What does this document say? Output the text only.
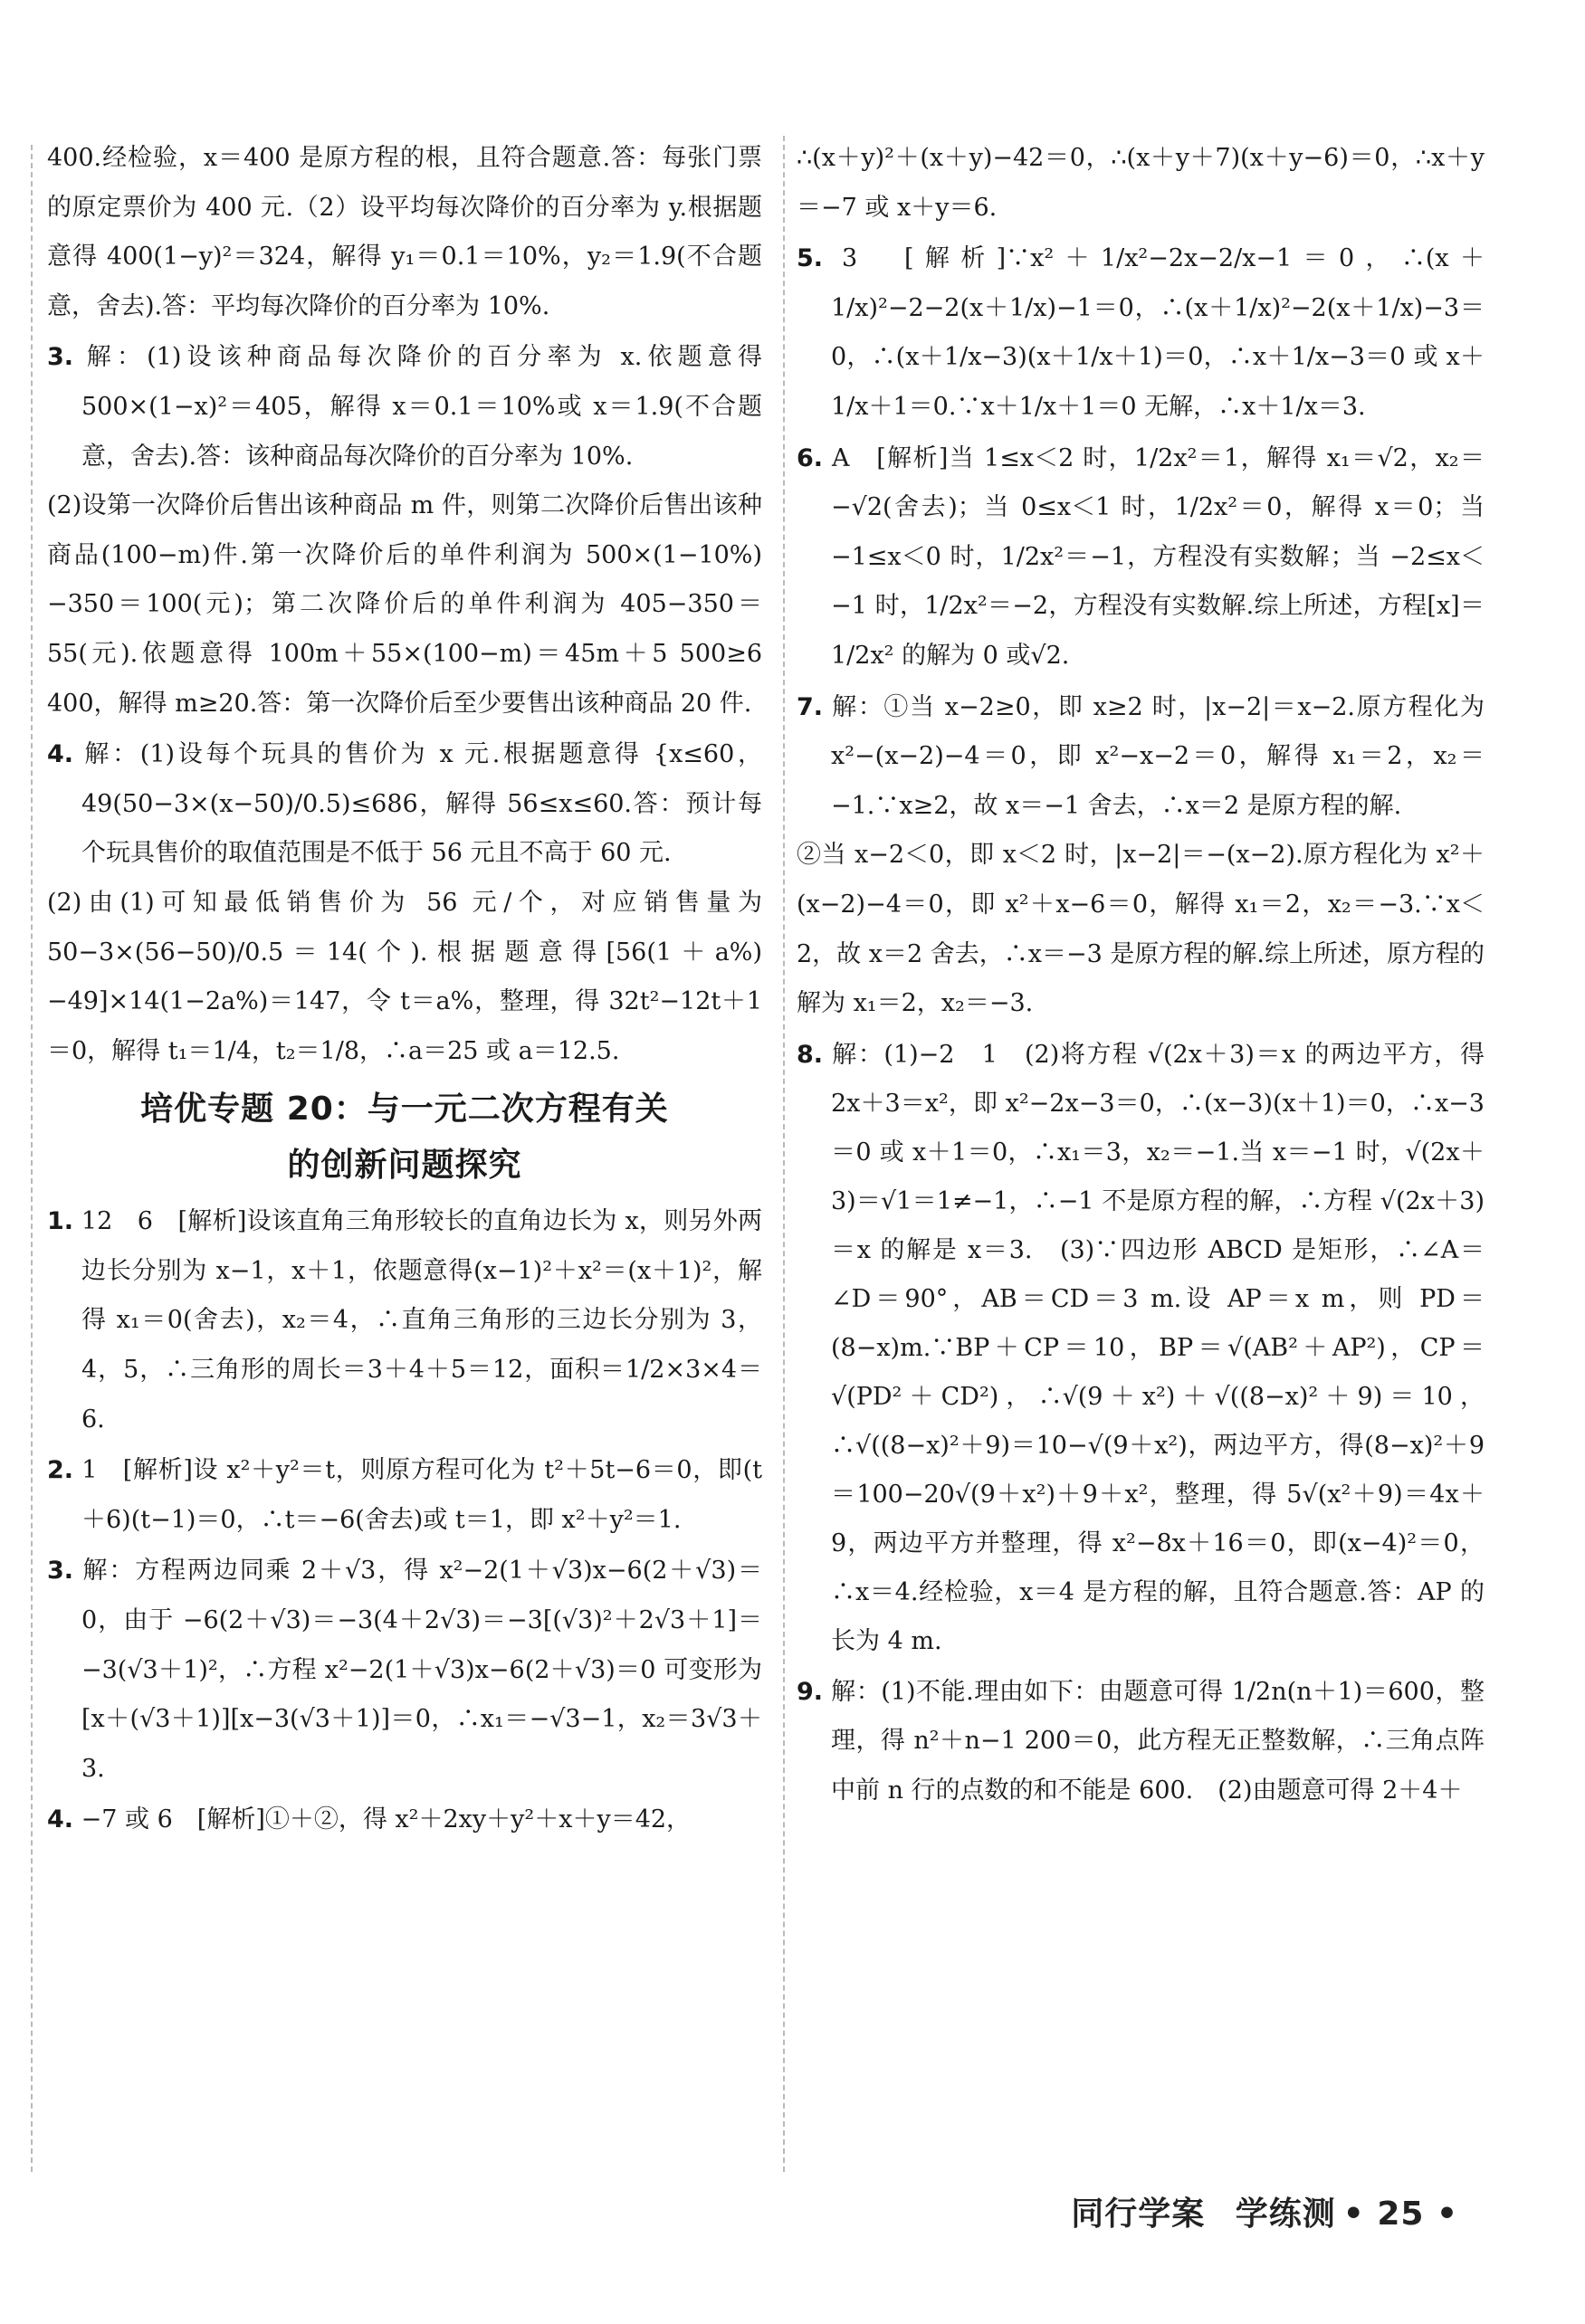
400.经检验，x＝400 是原方程的根，且符合题意.答：每张门票的原定票价为 400 元.（2）设平均每次降价的百分率为 y.根据题意得 400(1−y)²＝324，解得 y₁＝0.1＝10%，y₂＝1.9(不合题意，舍去).答：平均每次降价的百分率为 10%.

3. 解：(1)设该种商品每次降价的百分率为 x.依题意得 500×(1−x)²＝405，解得 x＝0.1＝10%或 x＝1.9(不合题意，舍去).答：该种商品每次降价的百分率为 10%.

(2)设第一次降价后售出该种商品 m 件，则第二次降价后售出该种商品(100−m)件.第一次降价后的单件利润为 500×(1−10%)−350＝100(元)；第二次降价后的单件利润为 405−350＝55(元).依题意得 100m＋55×(100−m)＝45m＋5 500≥6 400，解得 m≥20.答：第一次降价后至少要售出该种商品 20 件.

4. 解：(1)设每个玩具的售价为 x 元.根据题意得 {x≤60，49(50−3×(x−50)/0.5)≤686，解得 56≤x≤60.答：预计每个玩具售价的取值范围是不低于 56 元且不高于 60 元.

(2)由(1)可知最低销售价为 56 元/个，对应销售量为 50−3×(56−50)/0.5＝14(个).根据题意得[56(1＋a%)−49]×14(1−2a%)＝147，令 t＝a%，整理，得 32t²−12t＋1＝0，解得 t₁＝1/4，t₂＝1/8，∴a＝25 或 a＝12.5.

培优专题 20：与一元二次方程有关
的创新问题探究

1. 12　6　[解析]设该直角三角形较长的直角边长为 x，则另外两边长分别为 x−1，x＋1，依题意得(x−1)²＋x²＝(x＋1)²，解得 x₁＝0(舍去)，x₂＝4，∴直角三角形的三边长分别为 3，4，5，∴三角形的周长＝3＋4＋5＝12，面积＝1/2×3×4＝6.

2. 1　[解析]设 x²＋y²＝t，则原方程可化为 t²＋5t−6＝0，即(t＋6)(t−1)＝0，∴t＝−6(舍去)或 t＝1，即 x²＋y²＝1.

3. 解：方程两边同乘 2＋√3，得 x²−2(1＋√3)x−6(2＋√3)＝0，由于 −6(2＋√3)＝−3(4＋2√3)＝−3[(√3)²＋2√3＋1]＝−3(√3＋1)²，∴方程 x²−2(1＋√3)x−6(2＋√3)＝0 可变形为[x＋(√3＋1)][x−3(√3＋1)]＝0，∴x₁＝−√3−1，x₂＝3√3＋3.

4. −7 或 6　[解析]①＋②，得 x²＋2xy＋y²＋x＋y＝42，

∴(x＋y)²＋(x＋y)−42＝0，∴(x＋y＋7)(x＋y−6)＝0，∴x＋y＝−7 或 x＋y＝6.

5. 3　[解析]∵x²＋1/x²−2x−2/x−1＝0，∴(x＋1/x)²−2−2(x＋1/x)−1＝0，∴(x＋1/x)²−2(x＋1/x)−3＝0，∴(x＋1/x−3)(x＋1/x＋1)＝0，∴x＋1/x−3＝0 或 x＋1/x＋1＝0.∵x＋1/x＋1＝0 无解，∴x＋1/x＝3.

6. A　[解析]当 1≤x＜2 时，1/2x²＝1，解得 x₁＝√2，x₂＝−√2(舍去)；当 0≤x＜1 时，1/2x²＝0，解得 x＝0；当 −1≤x＜0 时，1/2x²＝−1，方程没有实数解；当 −2≤x＜−1 时，1/2x²＝−2，方程没有实数解.综上所述，方程[x]＝1/2x² 的解为 0 或√2.

7. 解：①当 x−2≥0，即 x≥2 时，|x−2|＝x−2.原方程化为 x²−(x−2)−4＝0，即 x²−x−2＝0，解得 x₁＝2，x₂＝−1.∵x≥2，故 x＝−1 舍去，∴x＝2 是原方程的解.

②当 x−2＜0，即 x＜2 时，|x−2|＝−(x−2).原方程化为 x²＋(x−2)−4＝0，即 x²＋x−6＝0，解得 x₁＝2，x₂＝−3.∵x＜2，故 x＝2 舍去，∴x＝−3 是原方程的解.综上所述，原方程的解为 x₁＝2，x₂＝−3.

8. 解：(1)−2　1　(2)将方程 √(2x＋3)＝x 的两边平方，得 2x＋3＝x²，即 x²−2x−3＝0，∴(x−3)(x＋1)＝0，∴x−3＝0 或 x＋1＝0，∴x₁＝3，x₂＝−1.当 x＝−1 时，√(2x＋3)＝√1＝1≠−1，∴−1 不是原方程的解，∴方程 √(2x＋3)＝x 的解是 x＝3.　(3)∵四边形 ABCD 是矩形，∴∠A＝∠D＝90°，AB＝CD＝3 m.设 AP＝x m，则 PD＝(8−x)m.∵BP＋CP＝10，BP＝√(AB²＋AP²)，CP＝√(PD²＋CD²)，∴√(9＋x²)＋√((8−x)²＋9)＝10，∴√((8−x)²＋9)＝10−√(9＋x²)，两边平方，得(8−x)²＋9＝100−20√(9＋x²)＋9＋x²，整理，得 5√(x²＋9)＝4x＋9，两边平方并整理，得 x²−8x＋16＝0，即(x−4)²＝0，∴x＝4.经检验，x＝4 是方程的解，且符合题意.答：AP 的长为 4 m.

9. 解：(1)不能.理由如下：由题意可得 1/2n(n＋1)＝600，整理，得 n²＋n−1 200＝0，此方程无正整数解，∴三角点阵中前 n 行的点数的和不能是 600.　(2)由题意可得 2＋4＋

同行学案 学练测 • 25 •
